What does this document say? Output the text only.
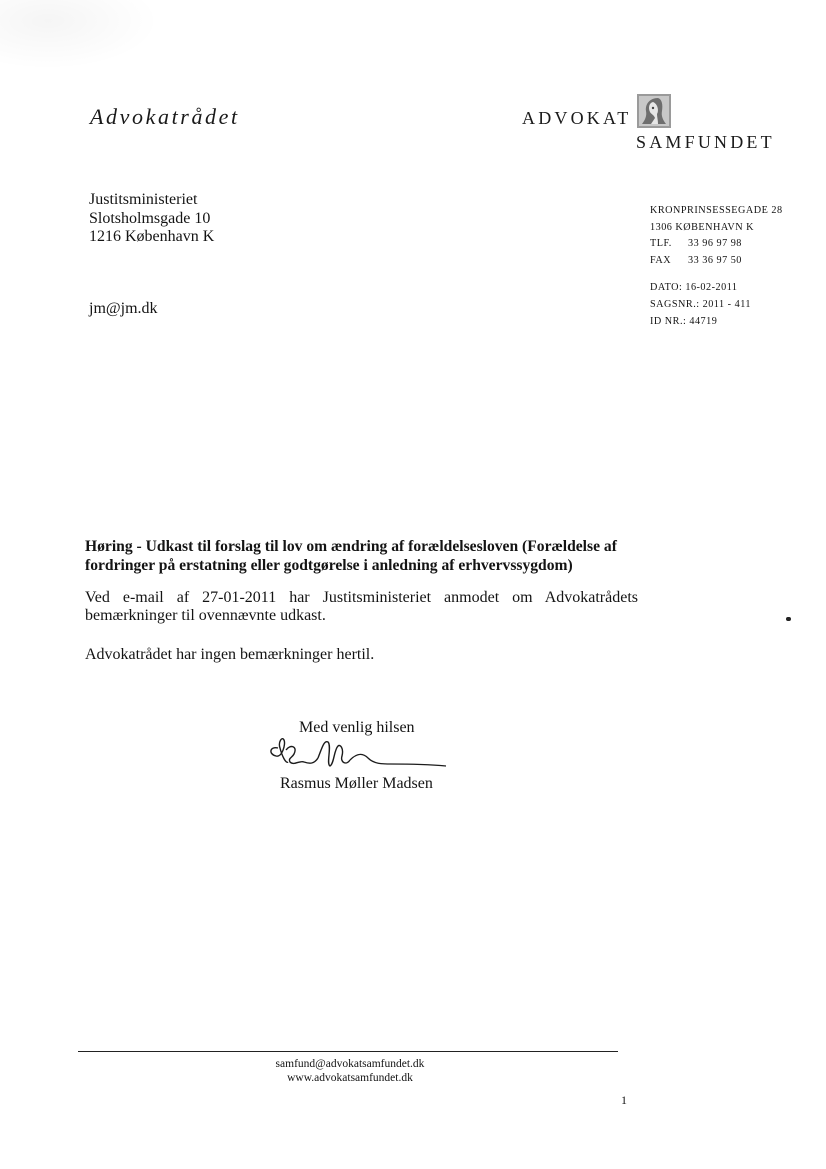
Advokatrådet	ADVOKAT
SAMFUNDET
Justitsministeriet
Slotsholmsgade 10
1216 København K
jm@jm.dk
KRONPRINSESSEGADE 28
1306 KØBENHAVN K
TLF. 33 96 97 98
FAX 33 36 97 50
DATO: 16-02-2011
SAGSNR.: 2011 - 411
ID NR.: 44719
Høring - Udkast til forslag til lov om ændring af forældelsesloven (Forældelse af fordringer på erstatning eller godtgørelse i anledning af erhvervssygdom)
Ved e-mail af 27-01-2011 har Justitsministeriet anmodet om Advokatrådets bemærkninger til ovennævnte udkast.
Advokatrådet har ingen bemærkninger hertil.
Med venlig hilsen
Rasmus Møller Madsen
samfund@advokatsamfundet.dk
www.advokatsamfundet.dk
1
